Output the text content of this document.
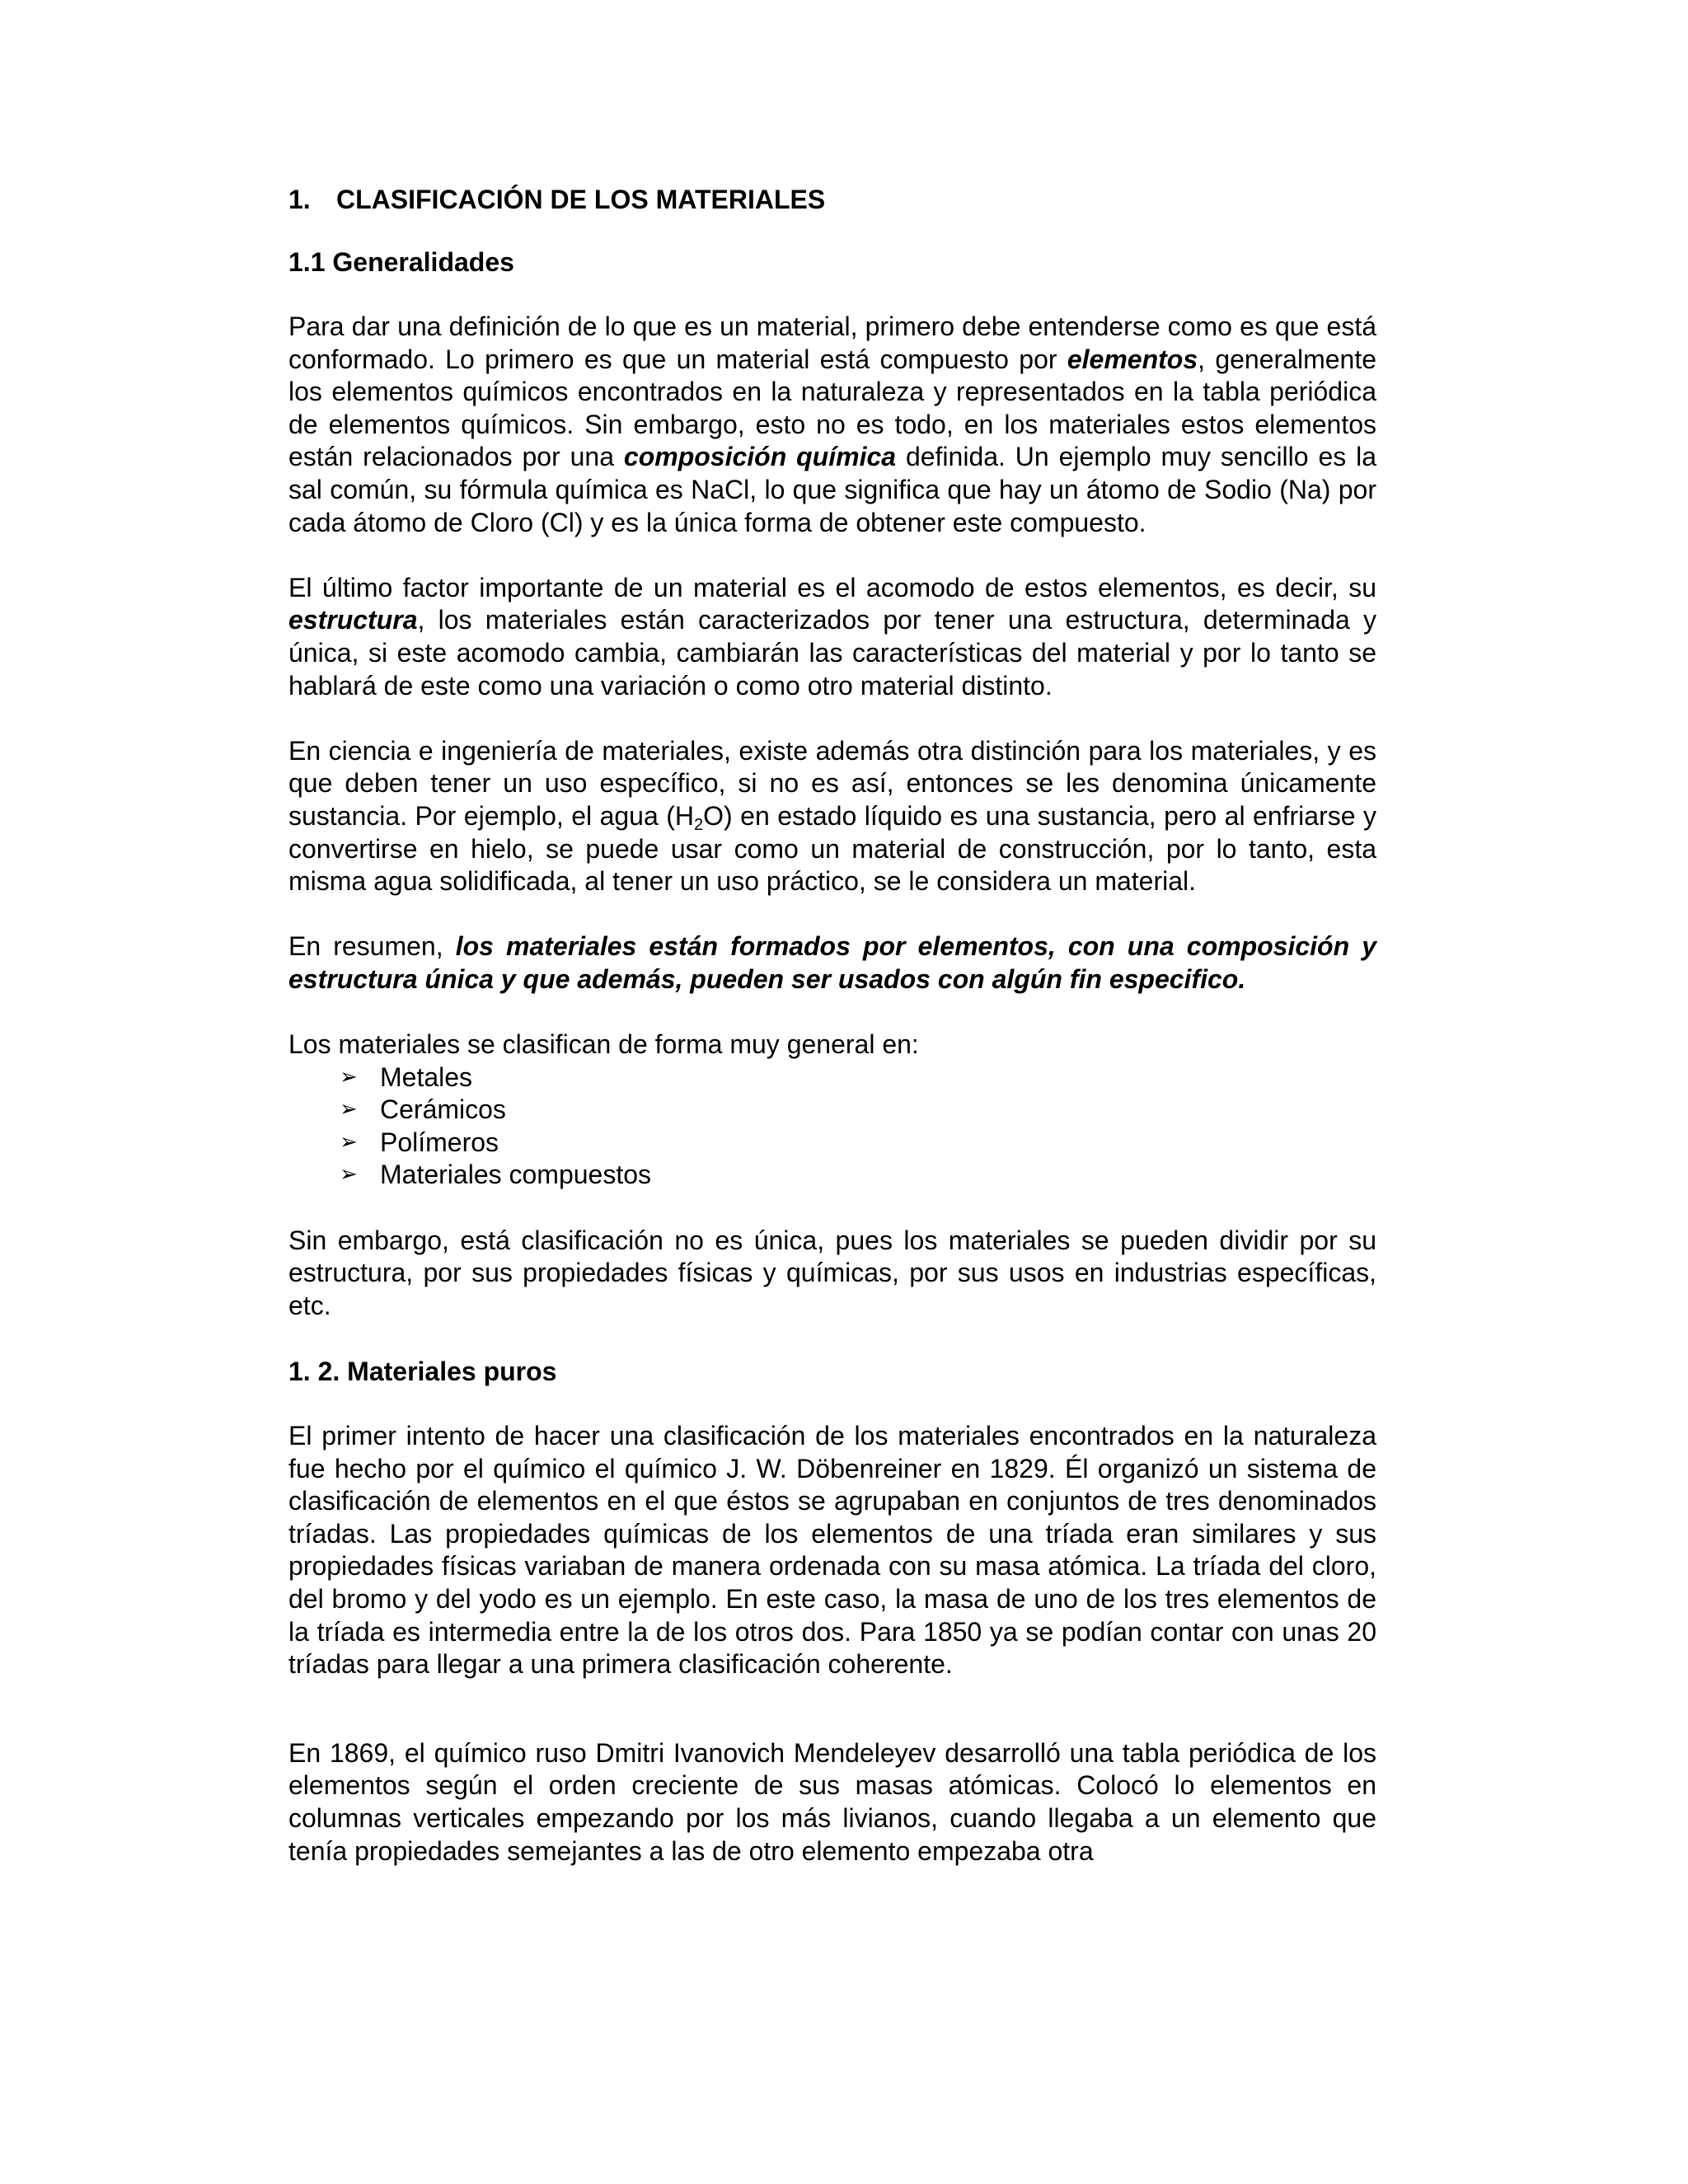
1. CLASIFICACIÓN DE LOS MATERIALES
1.1 Generalidades

Para dar una definición de lo que es un material, primero debe entenderse como es que está conformado. Lo primero es que un material está compuesto por elementos, generalmente los elementos químicos encontrados en la naturaleza y representados en la tabla periódica de elementos químicos. Sin embargo, esto no es todo, en los materiales estos elementos están relacionados por una composición química definida. Un ejemplo muy sencillo es la sal común, su fórmula química es NaCl, lo que significa que hay un átomo de Sodio (Na) por cada átomo de Cloro (Cl) y es la única forma de obtener este compuesto.

El último factor importante de un material es el acomodo de estos elementos, es decir, su estructura, los materiales están caracterizados por tener una estructura, determinada y única, si este acomodo cambia, cambiarán las características del material y por lo tanto se hablará de este como una variación o como otro material distinto.

En ciencia e ingeniería de materiales, existe además otra distinción para los materiales, y es que deben tener un uso específico, si no es así, entonces se les denomina únicamente sustancia. Por ejemplo, el agua $(H_2O)$ en estado líquido es una sustancia, pero al enfriarse y convertirse en hielo, se puede usar como un material de construcción, por lo tanto, esta misma agua solidificada, al tener un uso práctico, se le considera un material.

En resumen, los materiales están formados por elementos, con una composición y estructura única y que además, pueden ser usados con algún fin especifico.

Los materiales se clasifican de forma muy general en:

➢ Metales
➢ Cerámicos
➢ Polímeros
➢ Materiales compuestos

Sin embargo, está clasificación no es única, pues los materiales se pueden dividir por su estructura, por sus propiedades físicas y químicas, por sus usos en industrias específicas, etc.

1. 2. Materiales puros

El primer intento de hacer una clasificación de los materiales encontrados en la naturaleza fue hecho por el químico el químico J. W. Döbenreiner en 1829. Él organizó un sistema de clasificación de elementos en el que éstos se agrupaban en conjuntos de tres denominados tríadas. Las propiedades químicas de los elementos de una tríada eran similares y sus propiedades físicas variaban de manera ordenada con su masa atómica. La tríada del cloro, del bromo y del yodo es un ejemplo. En este caso, la masa de uno de los tres elementos de la tríada es intermedia entre la de los otros dos. Para 1850 ya se podían contar con unas 20 tríadas para llegar a una primera clasificación coherente.

En 1869, el químico ruso Dmitri Ivanovich Mendeleyev desarrolló una tabla periódica de los elementos según el orden creciente de sus masas atómicas. Colocó lo elementos en columnas verticales empezando por los más livianos, cuando llegaba a un elemento que tenía propiedades semejantes a las de otro elemento empezaba otra
